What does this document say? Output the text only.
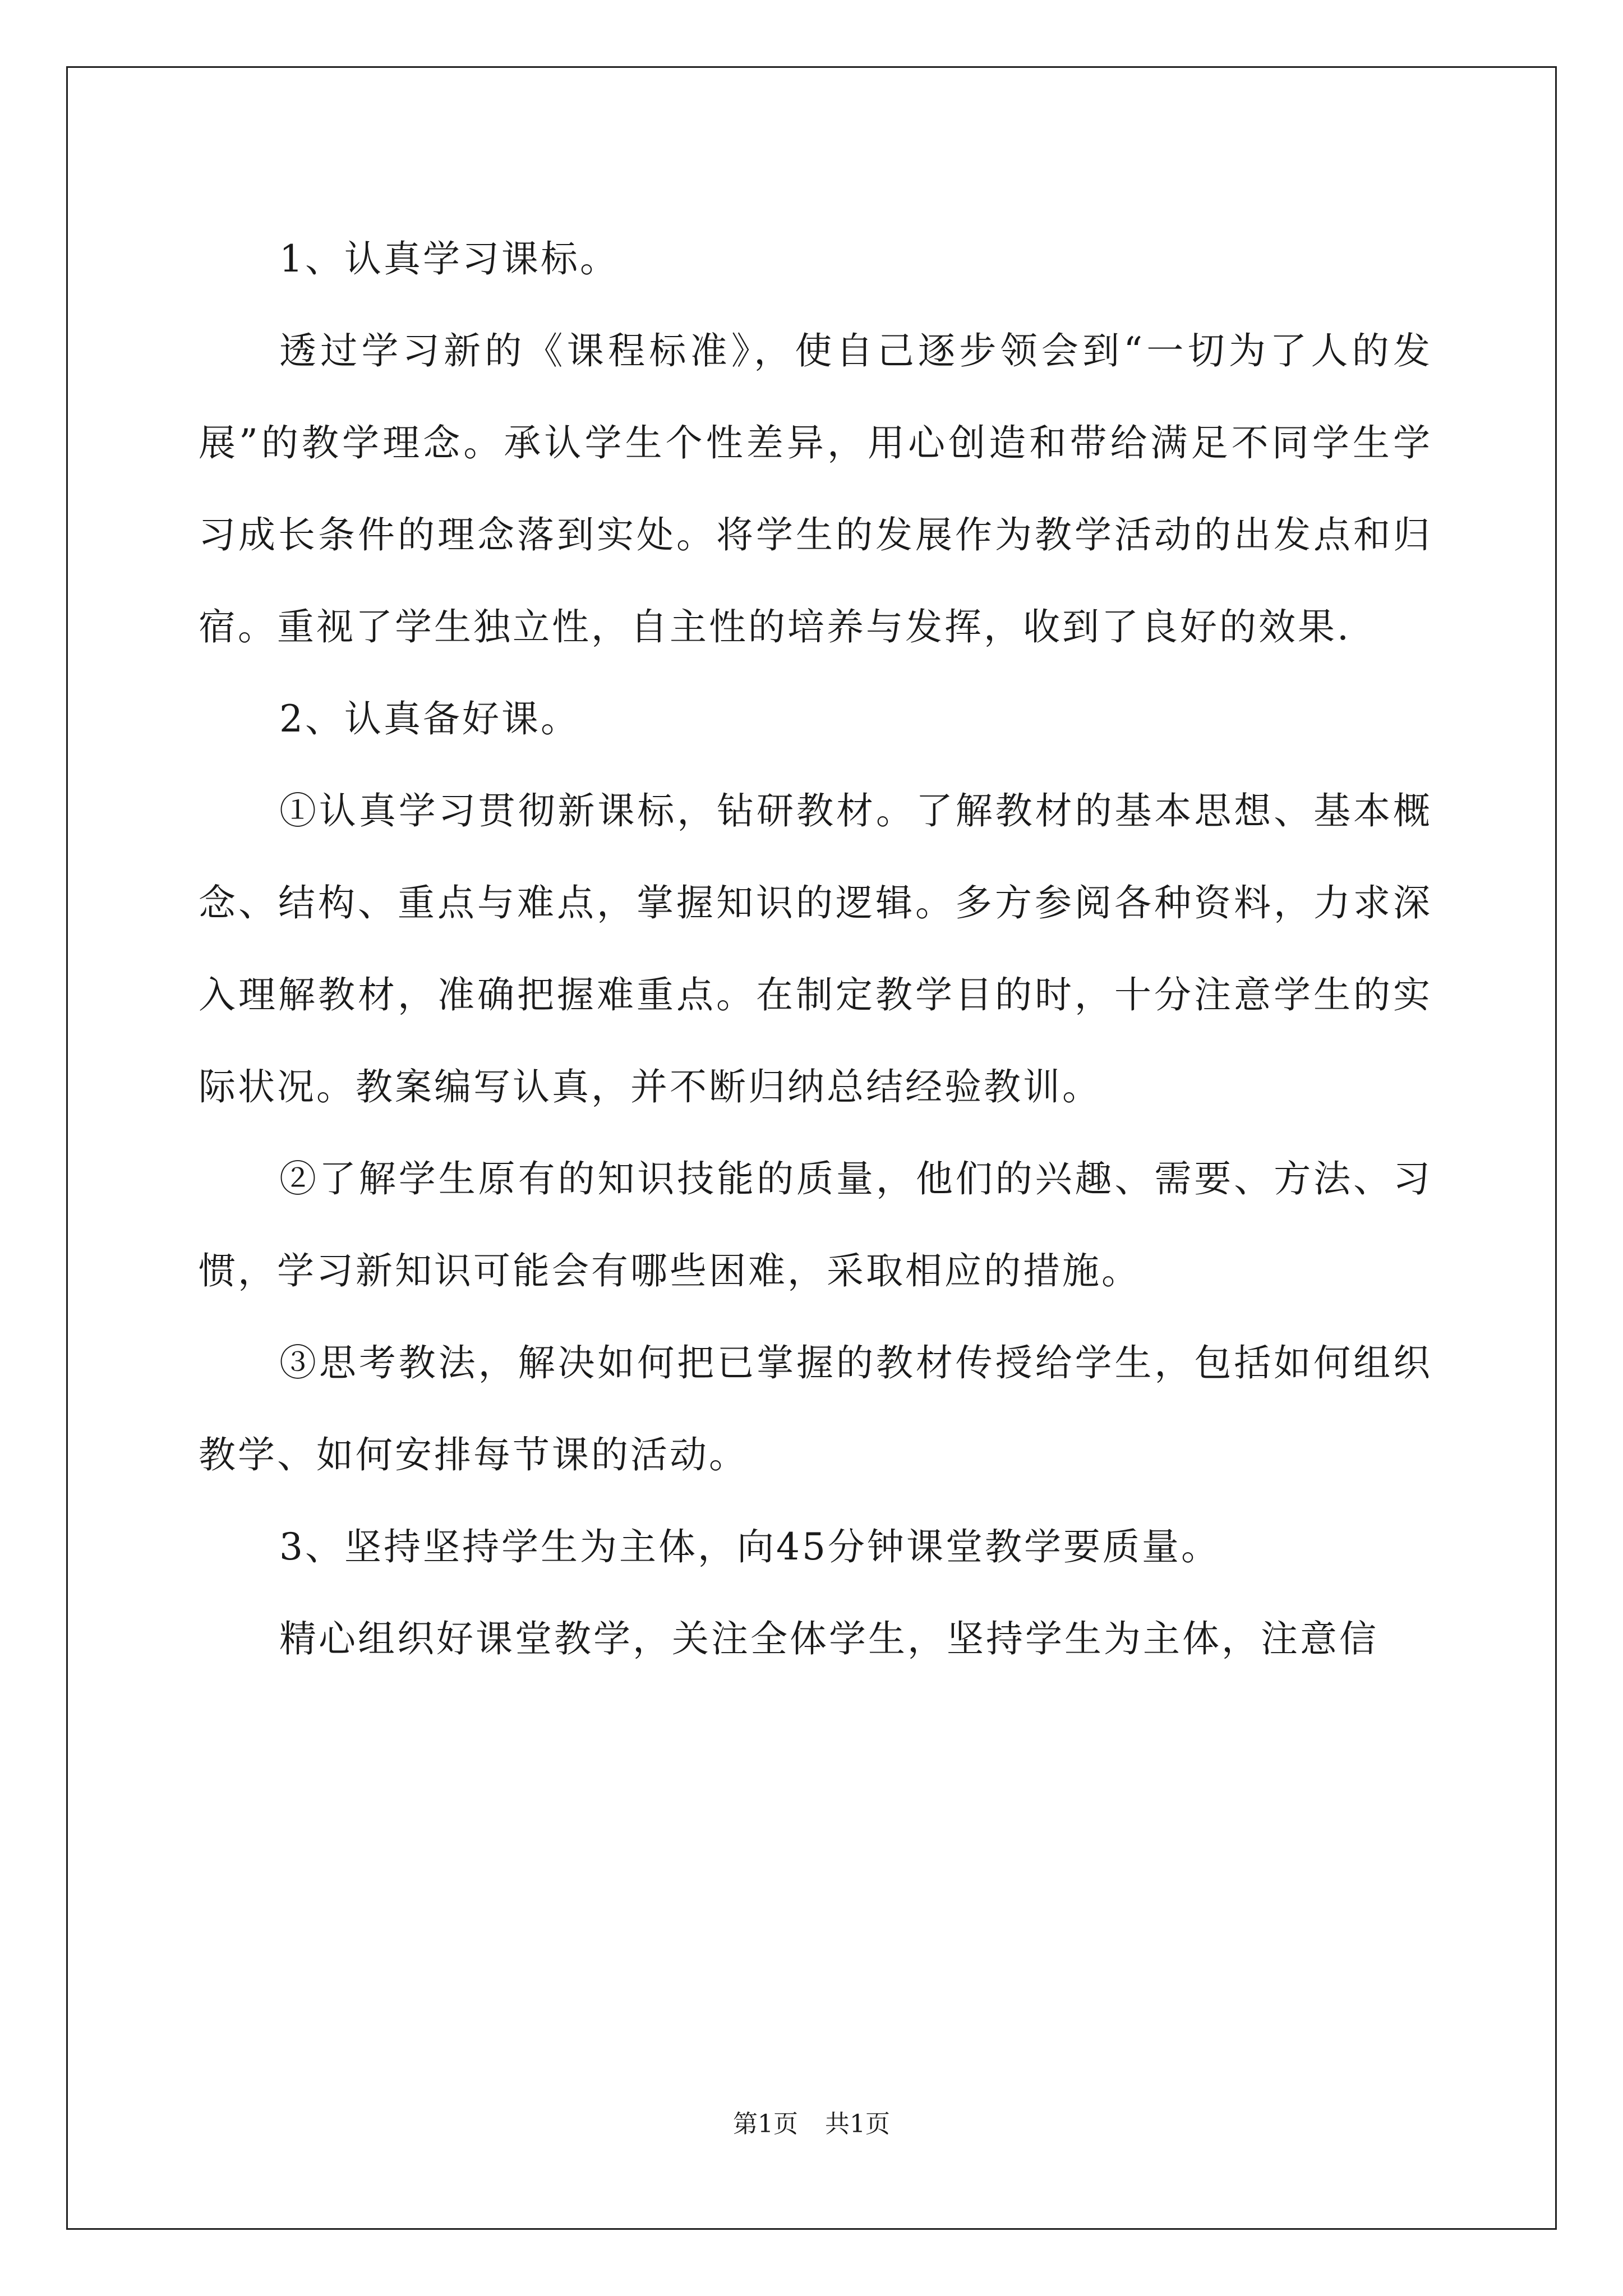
1、认真学习课标。

透过学习新的《课程标准》，使自己逐步领会到“一切为了人的发展”的教学理念。承认学生个性差异，用心创造和带给满足不同学生学习成长条件的理念落到实处。将学生的发展作为教学活动的出发点和归宿。重视了学生独立性，自主性的培养与发挥，收到了良好的效果.

2、认真备好课。

①认真学习贯彻新课标，钻研教材。了解教材的基本思想、基本概念、结构、重点与难点，掌握知识的逻辑。多方参阅各种资料，力求深入理解教材，准确把握难重点。在制定教学目的时，十分注意学生的实际状况。教案编写认真，并不断归纳总结经验教训。

②了解学生原有的知识技能的质量，他们的兴趣、需要、方法、习惯，学习新知识可能会有哪些困难，采取相应的措施。

③思考教法，解决如何把已掌握的教材传授给学生，包括如何组织教学、如何安排每节课的活动。

3、坚持坚持学生为主体，向45分钟课堂教学要质量。

精心组织好课堂教学，关注全体学生，坚持学生为主体，注意信

第1页 共1页
